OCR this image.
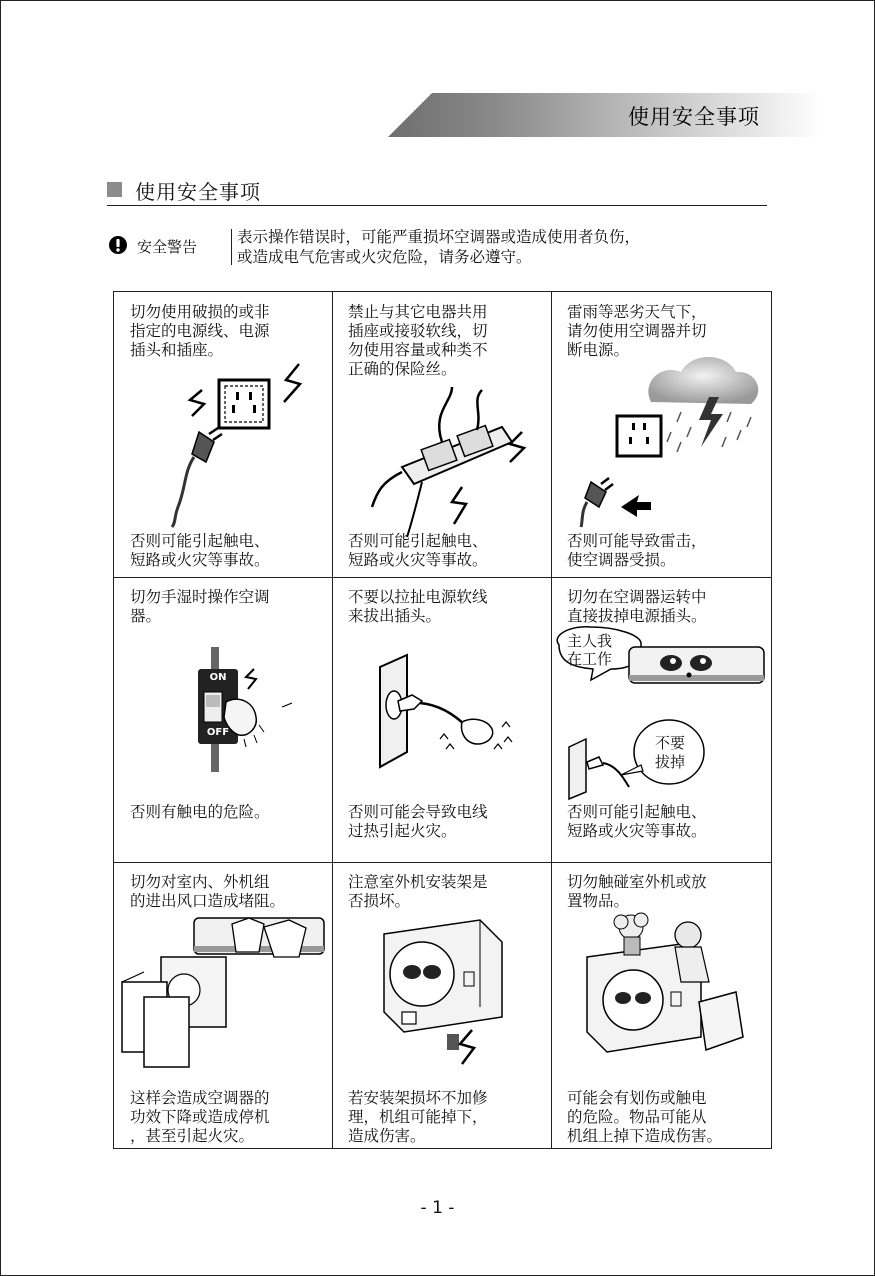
使用安全事项
使用安全事项
安全警告
表示操作错误时，可能严重损坏空调器或造成使用者负伤，
或造成电气危害或火灾危险，请务必遵守。
切勿使用破损的或非
指定的电源线、电源
插头和插座。
否则可能引起触电、
短路或火灾等事故。
禁止与其它电器共用
插座或接驳软线，切
勿使用容量或种类不
正确的保险丝。
否则可能引起触电、
短路或火灾等事故。
雷雨等恶劣天气下，
请勿使用空调器并切
断电源。
否则可能导致雷击，
使空调器受损。
切勿手湿时操作空调
器。
ON
OFF
否则有触电的危险。
不要以拉扯电源软线
来拔出插头。
否则可能会导致电线
过热引起火灾。
切勿在空调器运转中
直接拔掉电源插头。
主人我
在工作
不要
拔掉
否则可能引起触电、
短路或火灾等事故。
切勿对室内、外机组
的进出风口造成堵阻。
这样会造成空调器的
功效下降或造成停机
，甚至引起火灾。
注意室外机安装架是
否损坏。
若安装架损坏不加修
理，机组可能掉下，
造成伤害。
切勿触碰室外机或放
置物品。
可能会有划伤或触电
的危险。物品可能从
机组上掉下造成伤害。
- 1 -
